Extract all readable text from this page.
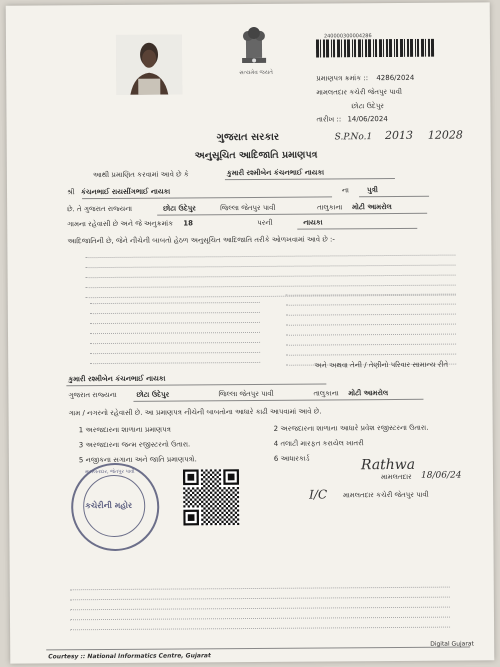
સત્યમેવ જયતે
240000300004286
પ્રમાણપત્ર ક્રમાંક :: 4286/2024
મામલતદાર કચેરી જેતપુર પાવી
છોટા ઉદેપુર
તારીખ :: 14/06/2024
S.P.No.1 2013 12028
ગુજરાત સરકાર
અનુસૂચિત આદિજાતિ પ્રમાણપત્ર
આથી પ્રમાણિત કરવામાં આવે છે કે	કુમારી રશ્મીબેન કંચનભાઈ નાયકા
શ્રી કંચનભાઈ રાયસીંગભાઈ નાયકા	ના	પુત્રી
છે. તે ગુજરાત રાજ્યના	છોટા ઉદેપુર	જિલ્લા જેતપુર પાવી	તાલુકાના મોટી આમરોલ
ગામના રહેવાસી છે અને જે અનુક્રમાંક 18	પરની	નાયકા
આદિજાતિની છે, જેને નીચેની બાબતો હેઠળ અનુસૂચિત આદિજાતિ તરીકે ઓળખવામાં આવે છે :-
અને અથવા તેની / તેણીનો પરિવાર સામાન્ય રીતે
કુમારી રશ્મીબેન કંચનભાઈ નાયકા
ગુજરાત રાજ્યના	છોટા ઉદેપુર	જિલ્લા જેતપુર પાવી	તાલુકાના મોટી આમરોલ
ગામ / નગરનો રહેવાસી છે. આ પ્રમાણપત્ર નીચેની બાબતોના આધારે કાઢી આપવામાં આવે છે.
1 અરજદારના શાળાના પ્રમાણપત્ર	2 અરજદારના શાળાના આધારે પ્રવેશ રજીસ્ટરના ઉતારા.
3 અરજદારના જન્મ રજીસ્ટરનો ઉતારા.	4 તલાટી મારફત કરાયેલ ખાતરી
5 નજીકના સગાના અને જાતિ પ્રમાણપત્રો.	6 આધારકાર્ડ
કચેરીની મહોર
મામલતદાર, જેતપુર પાવી	Rathwa
18/06/24
મામલતદાર
I/C મામલતદાર કચેરી જેતપુર પાવી
Courtesy :: National Informatics Centre, Gujarat
Digital Gujarat
